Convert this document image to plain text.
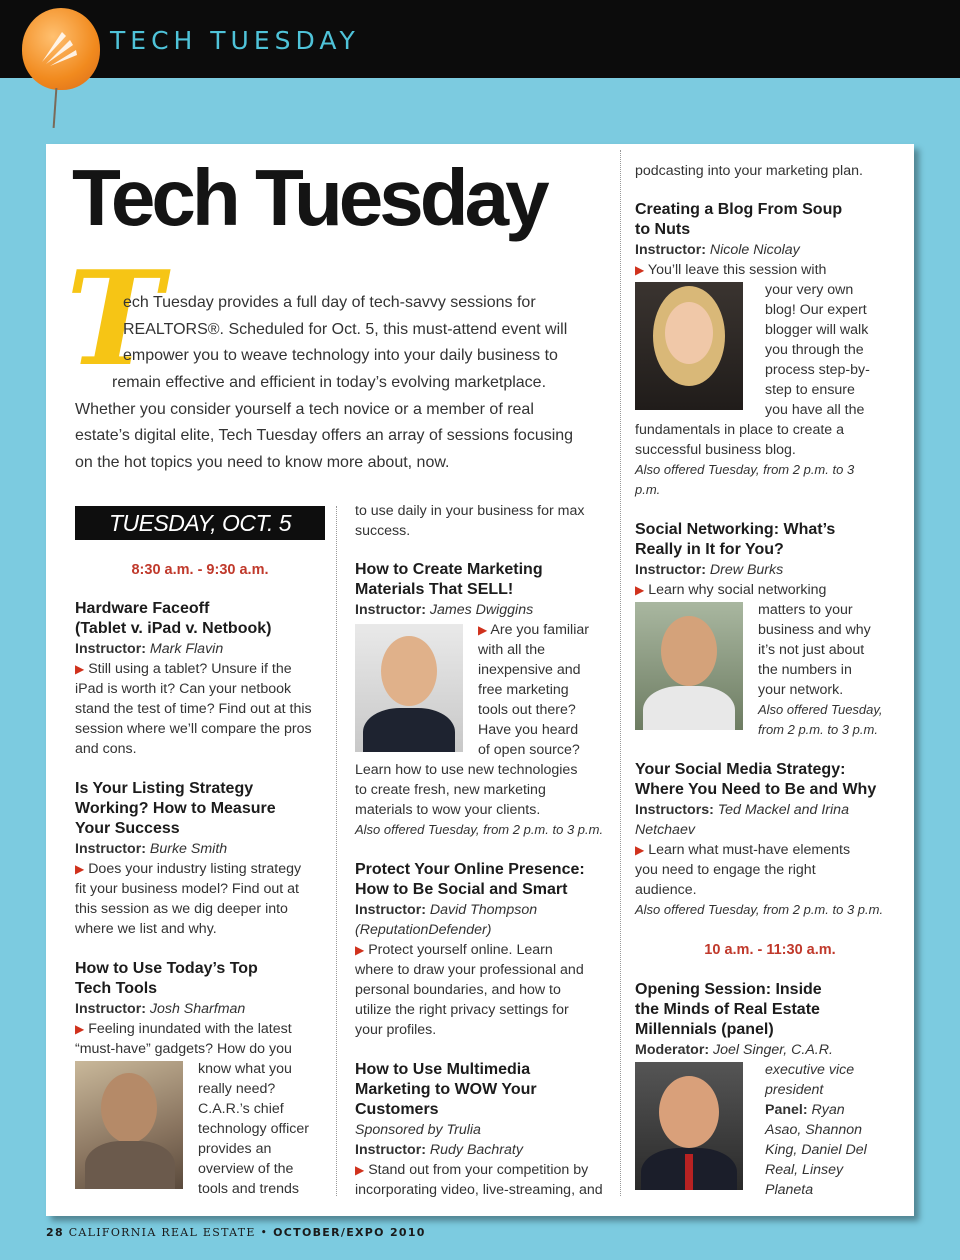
TECH TUESDAY
Tech Tuesday
T
ech Tuesday provides a full day of tech-savvy sessions for
REALTORS®. Scheduled for Oct. 5, this must-attend event will
empower you to weave technology into your daily business to
remain effective and efficient in today’s evolving marketplace.
Whether you consider yourself a tech novice or a member of real
estate’s digital elite, Tech Tuesday offers an array of sessions focusing
on the hot topics you need to know more about, now.
TUESDAY, OCT. 5

8:30 a.m. - 9:30 a.m.

Hardware Faceoff

(Tablet v. iPad v. Netbook)

Instructor: Mark Flavin

▶ Still using a tablet? Unsure if the

iPad is worth it? Can your netbook

stand the test of time? Find out at this

session where we’ll compare the pros

and cons.

Is Your Listing Strategy

Working? How to Measure

Your Success

Instructor: Burke Smith

▶ Does your industry listing strategy

fit your business model? Find out at

this session as we dig deeper into

where we list and why.

How to Use Today’s Top

Tech Tools

Instructor: Josh Sharfman

▶ Feeling inundated with the latest

“must-have” gadgets? How do you

know what you

really need?

C.A.R.’s chief

technology officer

provides an

overview of the

tools and trends

to use daily in your business for max

success.

How to Create Marketing

Materials That SELL!

Instructor: James Dwiggins

▶ Are you familiar

with all the

inexpensive and

free marketing

tools out there?

Have you heard

of open source?

Learn how to use new technologies

to create fresh, new marketing

materials to wow your clients.

Also offered Tuesday, from 2 p.m. to 3 p.m.

Protect Your Online Presence:

How to Be Social and Smart

Instructor: David Thompson

(ReputationDefender)

▶ Protect yourself online. Learn

where to draw your professional and

personal boundaries, and how to

utilize the right privacy settings for

your profiles.

How to Use Multimedia

Marketing to WOW Your

Customers

Sponsored by Trulia

Instructor: Rudy Bachraty

▶ Stand out from your competition by

incorporating video, live-streaming, and

podcasting into your marketing plan.

Creating a Blog From Soup

to Nuts

Instructor: Nicole Nicolay

▶ You’ll leave this session with

your very own

blog! Our expert

blogger will walk

you through the

process step-by-

step to ensure

you have all the

fundamentals in place to create a

successful business blog.

Also offered Tuesday, from 2 p.m. to 3

p.m.

Social Networking: What’s

Really in It for You?

Instructor: Drew Burks

▶ Learn why social networking

matters to your

business and why

it’s not just about

the numbers in

your network.

Also offered Tuesday,

from 2 p.m. to 3 p.m.

Your Social Media Strategy:

Where You Need to Be and Why

Instructors: Ted Mackel and Irina

Netchaev

▶ Learn what must-have elements

you need to engage the right

audience.

Also offered Tuesday, from 2 p.m. to 3 p.m.

10 a.m. - 11:30 a.m.

Opening Session: Inside

the Minds of Real Estate

Millennials (panel)

Moderator: Joel Singer, C.A.R.

executive vice

president

Panel: Ryan

Asao, Shannon

King, Daniel Del

Real, Linsey

Planeta

28 CALIFORNIA REAL ESTATE • OCTOBER/EXPO 2010
